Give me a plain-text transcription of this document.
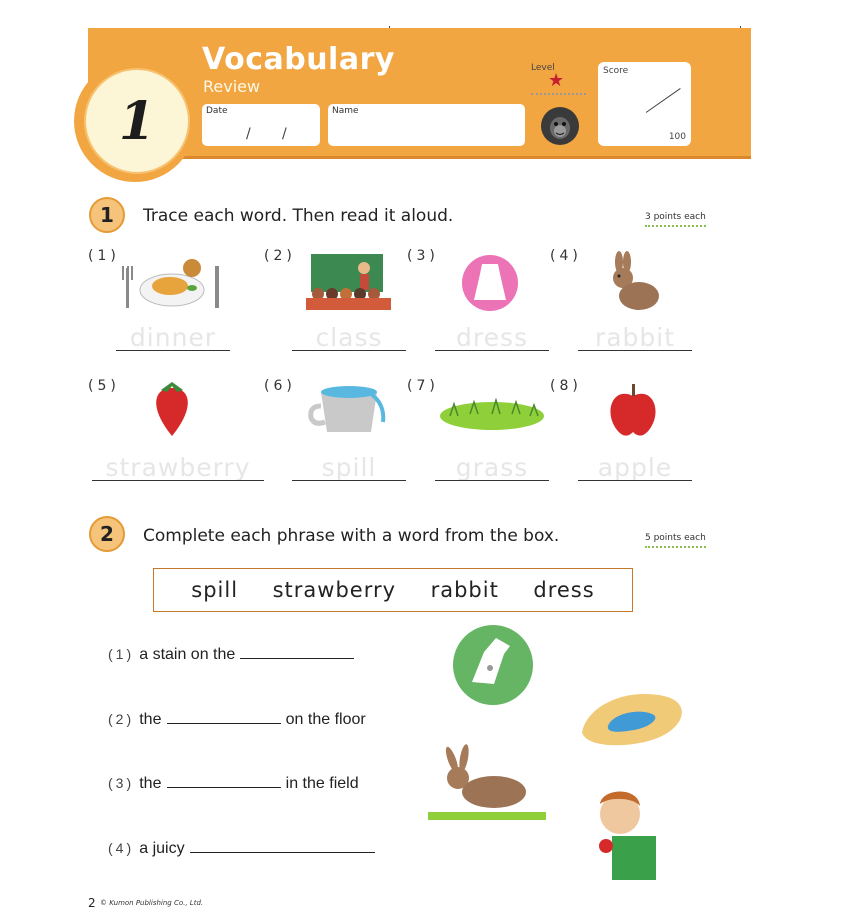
1
Vocabulary
Review
Date
/ /
Name
Level
★	Score
100
1	Trace each word. Then read it aloud.	3 points each
(1)
dinner
(2)
class
(3)
dress
(4)
rabbit
(5)
strawberry
(6)
spill
(7)
grass
(8)
apple
2	Complete each phrase with a word from the box.	5 points each
spill strawberry rabbit dress
(1) a stain on the
(2) the	on the floor
(3) the	in the field
(4) a juicy
2 © Kumon Publishing Co., Ltd.
